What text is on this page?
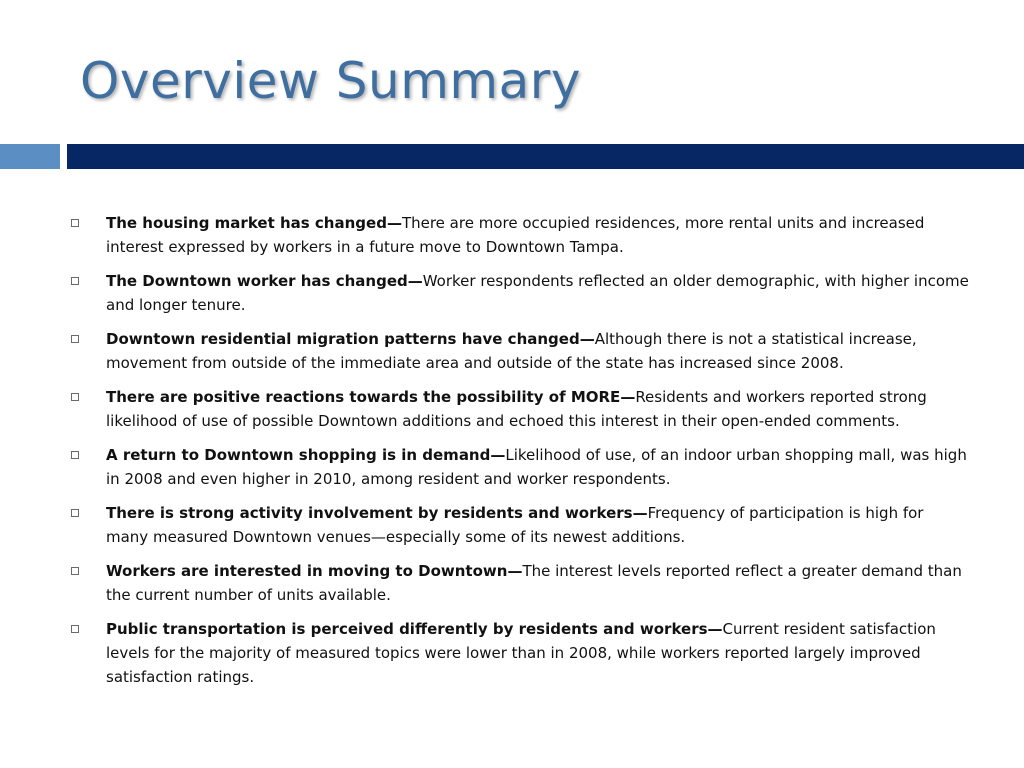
Overview Summary
The housing market has changed—There are more occupied residences, more rental units and increased interest expressed by workers in a future move to Downtown Tampa.
The Downtown worker has changed—Worker respondents reflected an older demographic, with higher income and longer tenure.
Downtown residential migration patterns have changed—Although there is not a statistical increase, movement from outside of the immediate area and outside of the state has increased since 2008.
There are positive reactions towards the possibility of MORE—Residents and workers reported strong likelihood of use of possible Downtown additions and echoed this interest in their open-ended comments.
A return to Downtown shopping is in demand—Likelihood of use, of an indoor urban shopping mall, was high in 2008 and even higher in 2010, among resident and worker respondents.
There is strong activity involvement by residents and workers—Frequency of participation is high for many measured Downtown venues—especially some of its newest additions.
Workers are interested in moving to Downtown—The interest levels reported reflect a greater demand than the current number of units available.
Public transportation is perceived differently by residents and workers—Current resident satisfaction levels for the majority of measured topics were lower than in 2008, while workers reported largely improved satisfaction ratings.
